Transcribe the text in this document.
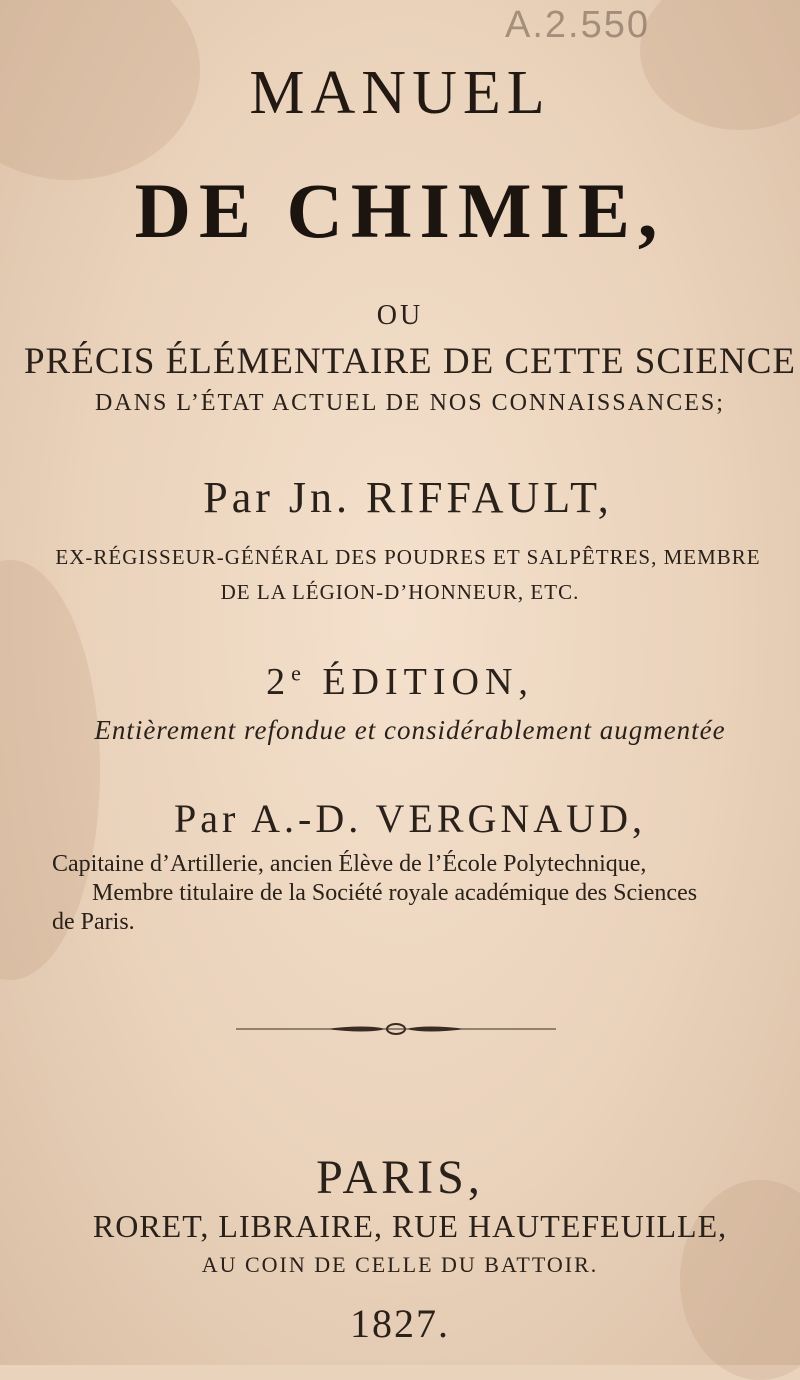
A.2.550
MANUEL
DE CHIMIE,
OU
PRÉCIS ÉLÉMENTAIRE DE CETTE SCIENCE
DANS L’ÉTAT ACTUEL DE NOS CONNAISSANCES;
Par Jn. RIFFAULT,
EX-RÉGISSEUR-GÉNÉRAL DES POUDRES ET SALPÊTRES, MEMBRE
DE LA LÉGION-D’HONNEUR, ETC.
2e ÉDITION,
Entièrement refondue et considérablement augmentée
Par A.-D. VERGNAUD,
Capitaine d’Artillerie, ancien Élève de l’École Polytechnique,
Membre titulaire de la Société royale académique des Sciences
de Paris.
PARIS,
RORET, LIBRAIRE, RUE HAUTEFEUILLE,
AU COIN DE CELLE DU BATTOIR.
1827.
